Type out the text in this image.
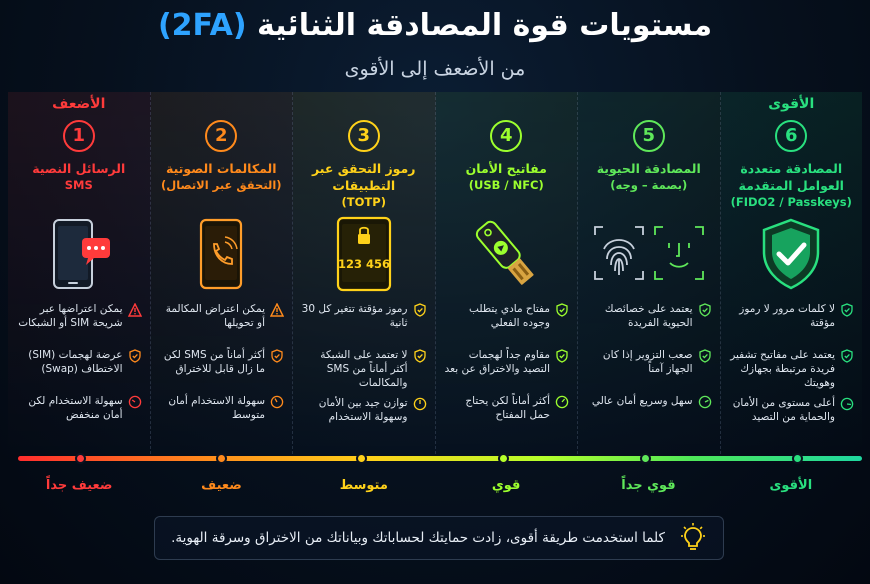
مستويات قوة المصادقة الثنائية (2FA)
من الأضعف إلى الأقوى
الأضعف
1
الرسائل النصية
SMS
يمكن اعتراضها عبر شريحة SIM أو الشبكات
عرضة لهجمات (SIM) الاختطاف (Swap)
سهولة الاستخدام لكن أمان منخفض
2
المكالمات الصوتية
(التحقق عبر الاتصال)
يمكن اعتراض المكالمة أو تحويلها
أكثر أماناً من SMS لكن ما زال قابل للاختراق
سهولة الاستخدام أمان متوسط
3
رموز التحقق عبر التطبيقات
(TOTP)
123 456
رموز مؤقتة تتغير كل 30 ثانية
لا تعتمد على الشبكة أكثر أماناً من SMS والمكالمات
توازن جيد بين الأمان وسهولة الاستخدام
4
مفاتيح الأمان
(USB / NFC)
مفتاح مادي يتطلب وجوده الفعلي
مقاوم جداً لهجمات التصيد والاختراق عن بعد
أكثر أماناً لكن يحتاج حمل المفتاح
5
المصادقة الحيوية
(بصمة – وجه)
يعتمد على خصائصك الحيوية الفريدة
صعب التزوير إذا كان الجهاز آمناً
سهل وسريع أمان عالي
الأقوى
6
المصادقة متعددة العوامل المتقدمة
(FIDO2 / Passkeys)
لا كلمات مرور لا رموز مؤقتة
يعتمد على مفاتيح تشفير فريدة مرتبطة بجهازك وهويتك
أعلى مستوى من الأمان والحماية من التصيد
ضعيف جداً	ضعيف	متوسط	قوي	قوي جداً	الأقوى
كلما استخدمت طريقة أقوى، زادت حمايتك لحساباتك وبياناتك من الاختراق وسرقة الهوية.
